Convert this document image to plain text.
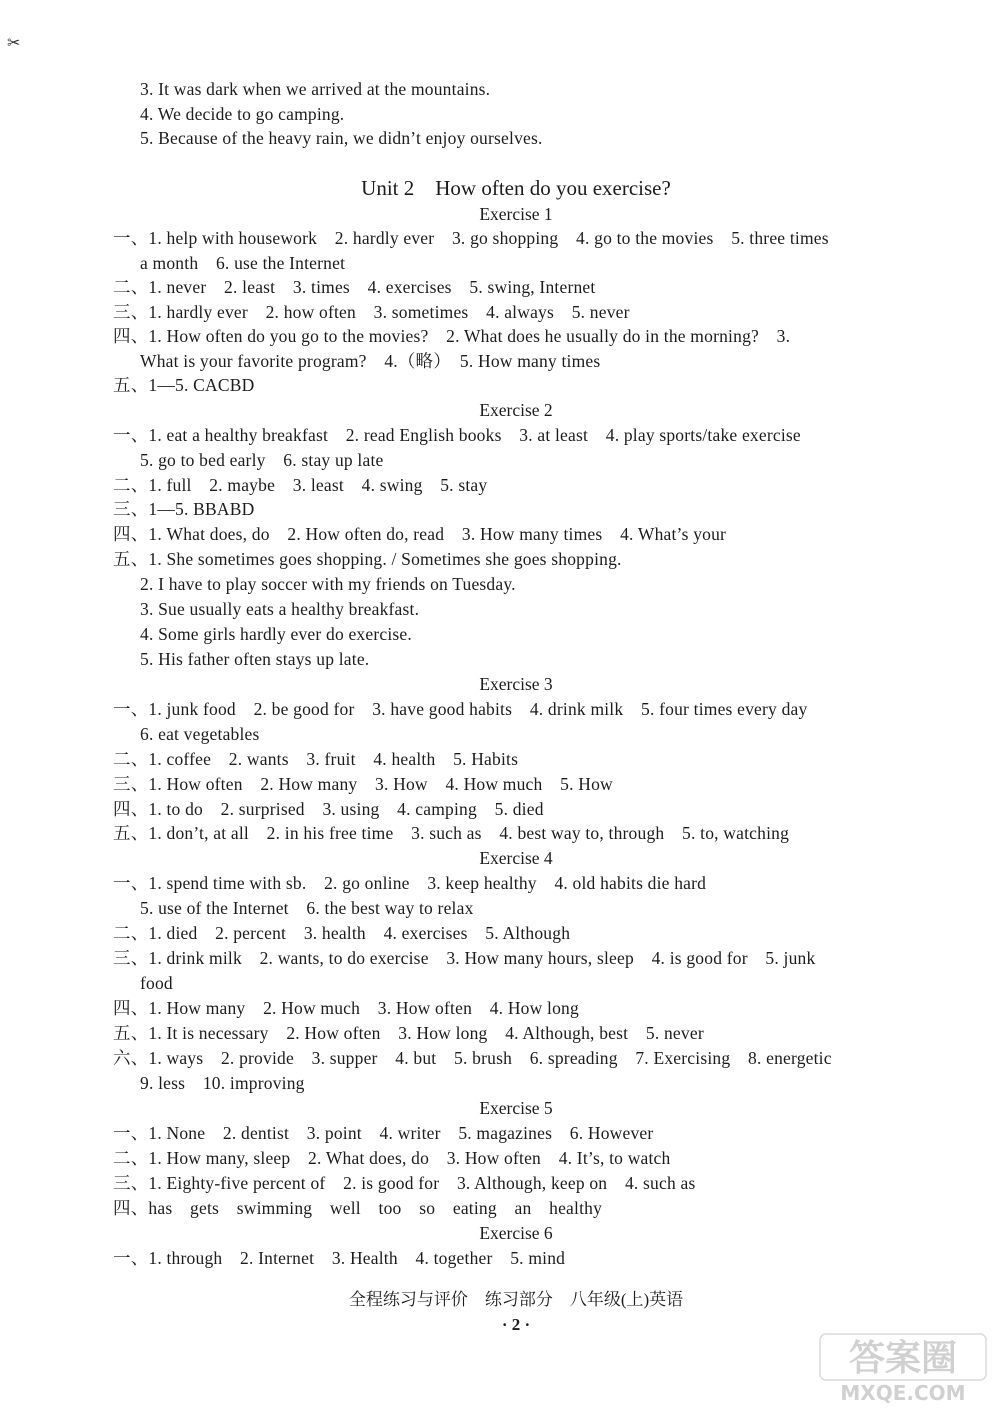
✂
3. It was dark when we arrived at the mountains.
4. We decide to go camping.
5. Because of the heavy rain, we didn’t enjoy ourselves.
Unit 2　How often do you exercise?
Exercise 1
一、1. help with housework　2. hardly ever　3. go shopping　4. go to the movies　5. three times
a month　6. use the Internet
二、1. never　2. least　3. times　4. exercises　5. swing, Internet
三、1. hardly ever　2. how often　3. sometimes　4. always　5. never
四、1. How often do you go to the movies?　2. What does he usually do in the morning?　3.
What is your favorite program?　4.（略）　5. How many times
五、1—5. CACBD
Exercise 2
一、1. eat a healthy breakfast　2. read English books　3. at least　4. play sports/take exercise
5. go to bed early　6. stay up late
二、1. full　2. maybe　3. least　4. swing　5. stay
三、1—5. BBABD
四、1. What does, do　2. How often do, read　3. How many times　4. What’s your
五、1. She sometimes goes shopping. / Sometimes she goes shopping.
2. I have to play soccer with my friends on Tuesday.
3. Sue usually eats a healthy breakfast.
4. Some girls hardly ever do exercise.
5. His father often stays up late.
Exercise 3
一、1. junk food　2. be good for　3. have good habits　4. drink milk　5. four times every day
6. eat vegetables
二、1. coffee　2. wants　3. fruit　4. health　5. Habits
三、1. How often　2. How many　3. How　4. How much　5. How
四、1. to do　2. surprised　3. using　4. camping　5. died
五、1. don’t, at all　2. in his free time　3. such as　4. best way to, through　5. to, watching
Exercise 4
一、1. spend time with sb.　2. go online　3. keep healthy　4. old habits die hard
5. use of the Internet　6. the best way to relax
二、1. died　2. percent　3. health　4. exercises　5. Although
三、1. drink milk　2. wants, to do exercise　3. How many hours, sleep　4. is good for　5. junk
food
四、1. How many　2. How much　3. How often　4. How long
五、1. It is necessary　2. How often　3. How long　4. Although, best　5. never
六、1. ways　2. provide　3. supper　4. but　5. brush　6. spreading　7. Exercising　8. energetic
9. less　10. improving
Exercise 5
一、1. None　2. dentist　3. point　4. writer　5. magazines　6. However
二、1. How many, sleep　2. What does, do　3. How often　4. It’s, to watch
三、1. Eighty-five percent of　2. is good for　3. Although, keep on　4. such as
四、has　gets　swimming　well　too　so　eating　an　healthy
Exercise 6
一、1. through　2. Internet　3. Health　4. together　5. mind
全程练习与评价　练习部分　八年级(上)英语
· 2 ·
答案圈
MXQE.COM
